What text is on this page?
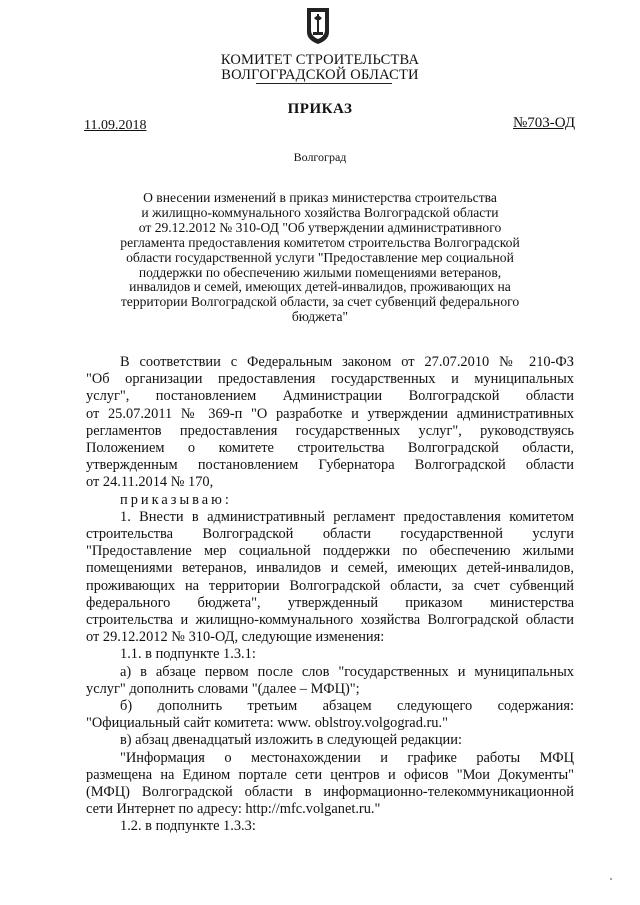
КОМИТЕТ СТРОИТЕЛЬСТВА
ВОЛГОГРАДСКОЙ ОБЛАСТИ
ПРИКАЗ
11.09.2018	№703-ОД
Волгоград
О внесении изменений в приказ министерства строительства
и жилищно-коммунального хозяйства Волгоградской области
от 29.12.2012 № 310-ОД "Об утверждении административного
регламента предоставления комитетом строительства Волгоградской
области государственной услуги "Предоставление мер социальной
поддержки по обеспечению жилыми помещениями ветеранов,
инвалидов и семей, имеющих детей-инвалидов, проживающих на
территории Волгоградской области, за счет субвенций федерального
бюджета"
В соответствии с Федеральным законом от 27.07.2010 № 210-ФЗ
"Об организации предоставления государственных и муниципальных
услуг", постановлением Администрации Волгоградской области
от 25.07.2011 № 369-п "О разработке и утверждении административных
регламентов предоставления государственных услуг", руководствуясь
Положением о комитете строительства Волгоградской области,
утвержденным постановлением Губернатора Волгоградской области
от 24.11.2014 № 170,
приказываю:
1. Внести в административный регламент предоставления комитетом
строительства Волгоградской области государственной услуги
"Предоставление мер социальной поддержки по обеспечению жилыми
помещениями ветеранов, инвалидов и семей, имеющих детей-инвалидов,
проживающих на территории Волгоградской области, за счет субвенций
федерального бюджета", утвержденный приказом министерства
строительства и жилищно-коммунального хозяйства Волгоградской области
от 29.12.2012 № 310-ОД, следующие изменения:
1.1. в подпункте 1.3.1:
а) в абзаце первом после слов "государственных и муниципальных
услуг" дополнить словами "(далее – МФЦ)";
б) дополнить третьим абзацем следующего содержания:
"Официальный сайт комитета: www. oblstroy.volgograd.ru."
в) абзац двенадцатый изложить в следующей редакции:
"Информация о местонахождении и графике работы МФЦ
размещена на Едином портале сети центров и офисов "Мои Документы"
(МФЦ) Волгоградской области в информационно-телекоммуникационной
сети Интернет по адресу: http://mfc.volganet.ru."
1.2. в подпункте 1.3.3:
